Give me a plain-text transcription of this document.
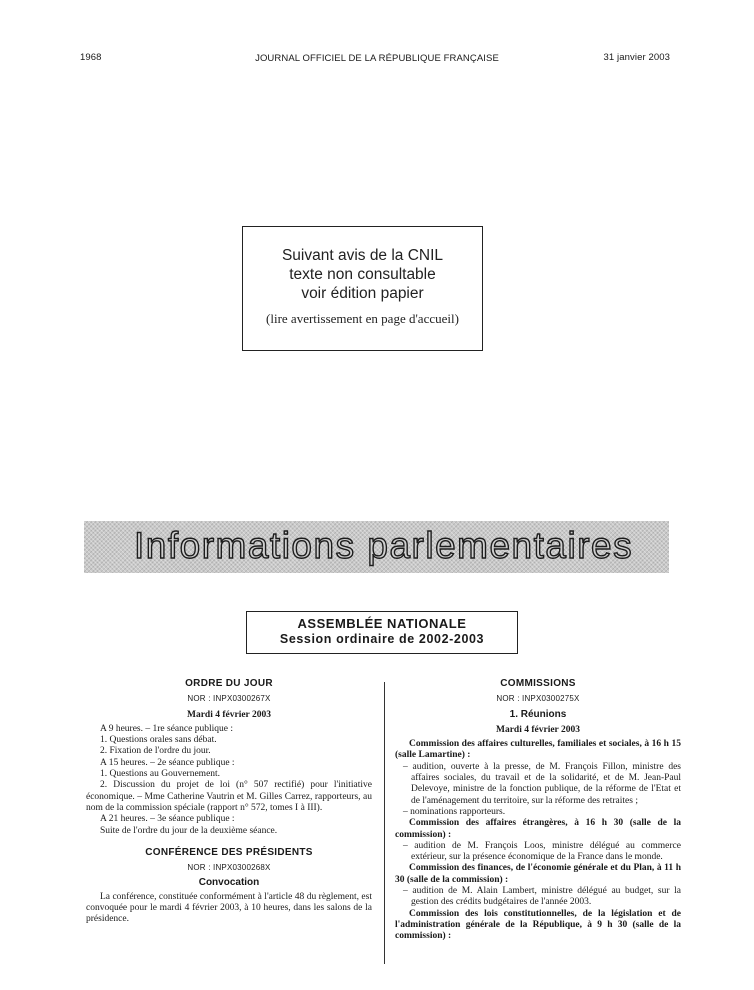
1968	JOURNAL OFFICIEL DE LA RÉPUBLIQUE FRANÇAISE	31 janvier 2003
Suivant avis de la CNIL
texte non consultable
voir édition papier
(lire avertissement en page d'accueil)
Informations parlementaires
ASSEMBLÉE NATIONALE
Session ordinaire de 2002-2003
ORDRE DU JOUR
NOR : INPX0300267X
Mardi 4 février 2003

A 9 heures. – 1re séance publique :

1. Questions orales sans débat.

2. Fixation de l'ordre du jour.

A 15 heures. – 2e séance publique :

1. Questions au Gouvernement.

2. Discussion du projet de loi (n° 507 rectifié) pour l'initiative économique. – Mme Catherine Vautrin et M. Gilles Carrez, rapporteurs, au nom de la commission spéciale (rapport n° 572, tomes I à III).

A 21 heures. – 3e séance publique :

Suite de l'ordre du jour de la deuxième séance.

CONFÉRENCE DES PRÉSIDENTS
NOR : INPX0300268X
Convocation

La conférence, constituée conformément à l'article 48 du règlement, est convoquée pour le mardi 4 février 2003, à 10 heures, dans les salons de la présidence.

COMMISSIONS
NOR : INPX0300275X
1. Réunions
Mardi 4 février 2003

Commission des affaires culturelles, familiales et sociales, à 16 h 15 (salle Lamartine) :

– audition, ouverte à la presse, de M. François Fillon, ministre des affaires sociales, du travail et de la solidarité, et de M. Jean-Paul Delevoye, ministre de la fonction publique, de la réforme de l'Etat et de l'aménagement du territoire, sur la réforme des retraites ;

– nominations rapporteurs.

Commission des affaires étrangères, à 16 h 30 (salle de la commission) :

– audition de M. François Loos, ministre délégué au commerce extérieur, sur la présence économique de la France dans le monde.

Commission des finances, de l'économie générale et du Plan, à 11 h 30 (salle de la commission) :

– audition de M. Alain Lambert, ministre délégué au budget, sur la gestion des crédits budgétaires de l'année 2003.

Commission des lois constitutionnelles, de la législation et de l'administration générale de la République, à 9 h 30 (salle de la commission) :
